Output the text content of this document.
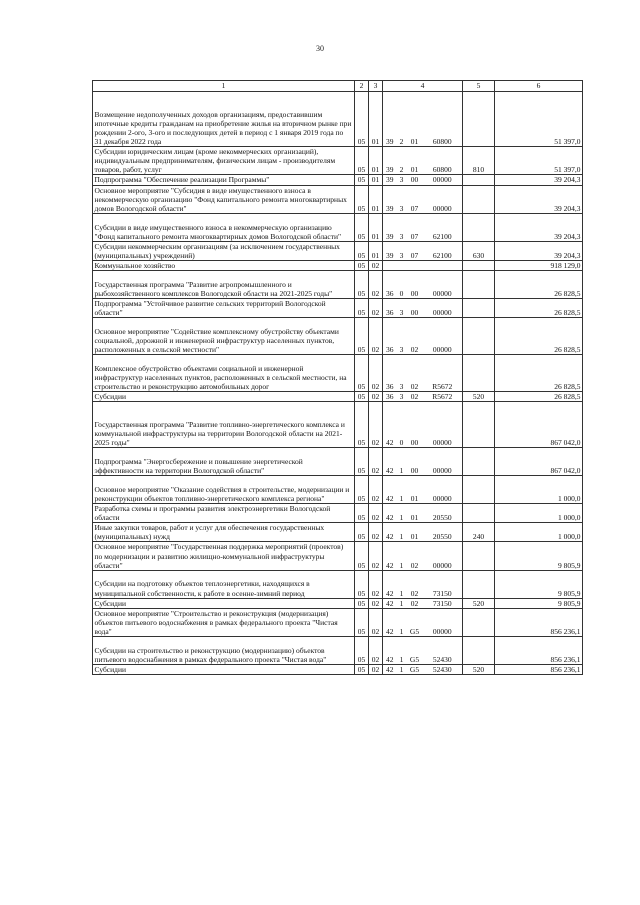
30
1	2	3	4				5	6
Возмещение недополученных доходов организациям, предоставившим ипотечные кредиты гражданам на приобретение жилья на вторичном рынке при рождении 2-ого, 3-ого и последующих детей в период с 1 января 2019 года по 31 декабря 2022 года	05	01	39	2	01	60800		51 397,0
Субсидии юридическим лицам (кроме некоммерческих организаций), индивидуальным предпринимателям, физическим лицам - производителям товаров, работ, услуг	05	01	39	2	01	60800	810	51 397,0
Подпрограмма "Обеспечение реализации Программы"	05	01	39	3	00	00000		39 204,3
Основное мероприятие "Субсидия в виде имущественного взноса в некоммерческую организацию "Фонд капитального ремонта многоквартирных домов Вологодской области"	05	01	39	3	07	00000		39 204,3
Субсидии в виде имущественного взноса в некоммерческую организацию "Фонд капитального ремонта многоквартирных домов Вологодской области"	05	01	39	3	07	62100		39 204,3
Субсидии некоммерческим организациям (за исключением государственных (муниципальных) учреждений)	05	01	39	3	07	62100	630	39 204,3
Коммунальное хозяйство	05	02						918 129,0
Государственная программа "Развитие агропромышленного и рыбохозяйственного комплексов Вологодской области на 2021-2025 годы"	05	02	36	0	00	00000		26 828,5
Подпрограмма "Устойчивое развитие сельских территорий Вологодской области"	05	02	36	3	00	00000		26 828,5
Основное мероприятие "Содействие комплексному обустройству объектами социальной, дорожной и инженерной инфраструктур населенных пунктов, расположенных в сельской местности"	05	02	36	3	02	00000		26 828,5
Комплексное обустройство объектами социальной и инженерной инфраструктур населенных пунктов, расположенных в сельской местности, на строительство и реконструкцию автомобильных дорог	05	02	36	3	02	R5672		26 828,5
Субсидии	05	02	36	3	02	R5672	520	26 828,5
Государственная программа "Развитие топливно-энергетического комплекса и коммунальной инфраструктуры на территории Вологодской области на 2021-2025 годы"	05	02	42	0	00	00000		867 042,0
Подпрограмма "Энергосбережение и повышение энергетической эффективности на территории Вологодской области"	05	02	42	1	00	00000		867 042,0
Основное мероприятие "Оказание содействия в строительстве, модернизации и реконструкции объектов топливно-энергетического комплекса региона"	05	02	42	1	01	00000		1 000,0
Разработка схемы и программы развития электроэнергетики Вологодской области	05	02	42	1	01	20550		1 000,0
Иные закупки товаров, работ и услуг для обеспечения государственных (муниципальных) нужд	05	02	42	1	01	20550	240	1 000,0
Основное мероприятие "Государственная поддержка мероприятий (проектов) по модернизации и развитию жилищно-коммунальной инфраструктуры области"	05	02	42	1	02	00000		9 805,9
Субсидии на подготовку объектов теплоэнергетики, находящихся в муниципальной собственности, к работе в осенне-зимний период	05	02	42	1	02	73150		9 805,9
Субсидии	05	02	42	1	02	73150	520	9 805,9
Основное мероприятие "Строительство и реконструкция (модернизация) объектов питьевого водоснабжения в рамках федерального проекта "Чистая вода"	05	02	42	1	G5	00000		856 236,1
Субсидии на строительство и реконструкцию (модернизацию) объектов питьевого водоснабжения в рамках федерального проекта "Чистая вода"	05	02	42	1	G5	52430		856 236,1
Субсидии	05	02	42	1	G5	52430	520	856 236,1
